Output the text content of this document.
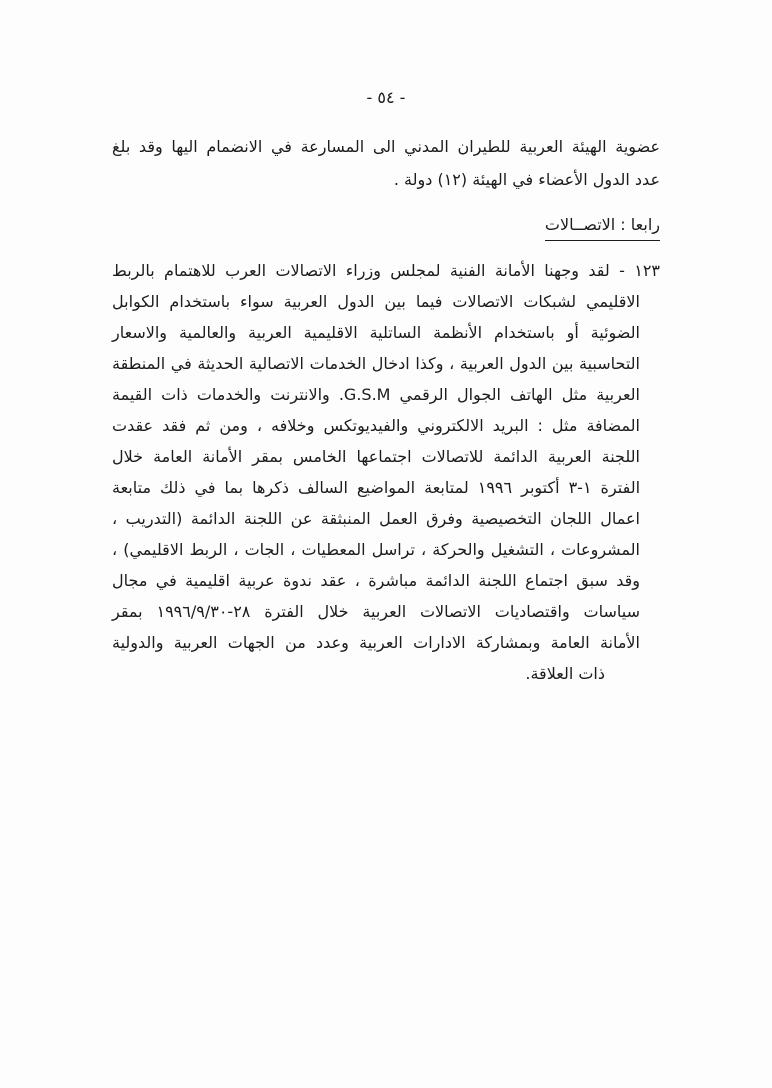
- ٥٤ -
عضوية الهيئة العربية للطيران المدني الى المسارعة في الانضمام اليها وقد بلغ
عدد الدول الأعضاء في الهيئة (١٢) دولة .
رابعا : الاتصــالات
١٢٣ - لقد وجهنا الأمانة الفنية لمجلس وزراء الاتصالات العرب للاهتمام بالربط
الاقليمي لشبكات الاتصالات فيما بين الدول العربية سواء باستخدام الكوابل
الضوئية أو باستخدام الأنظمة الساتلية الاقليمية العربية والعالمية والاسعار
التحاسبية بين الدول العربية ، وكذا ادخال الخدمات الاتصالية الحديثة في المنطقة
العربية مثل الهاتف الجوال الرقمي G.S.M. والانترنت والخدمات ذات القيمة
المضافة مثل : البريد الالكتروني والفيديوتكس وخلافه ، ومن ثم فقد عقدت
اللجنة العربية الدائمة للاتصالات اجتماعها الخامس بمقر الأمانة العامة خلال
الفترة ١-٣ أكتوبر ١٩٩٦ لمتابعة المواضيع السالف ذكرها بما في ذلك متابعة
اعمال اللجان التخصيصية وفرق العمل المنبثقة عن اللجنة الدائمة (التدريب ،
المشروعات ، التشغيل والحركة ، تراسل المعطيات ، الجات ، الربط الاقليمي) ،
وقد سبق اجتماع اللجنة الدائمة مباشرة ، عقد ندوة عربية اقليمية في مجال
سياسات واقتصاديات الاتصالات العربية خلال الفترة ٢٨-١٩٩٦/٩/٣٠ بمقر
الأمانة العامة وبمشاركة الادارات العربية وعدد من الجهات العربية والدولية
ذات العلاقة.
